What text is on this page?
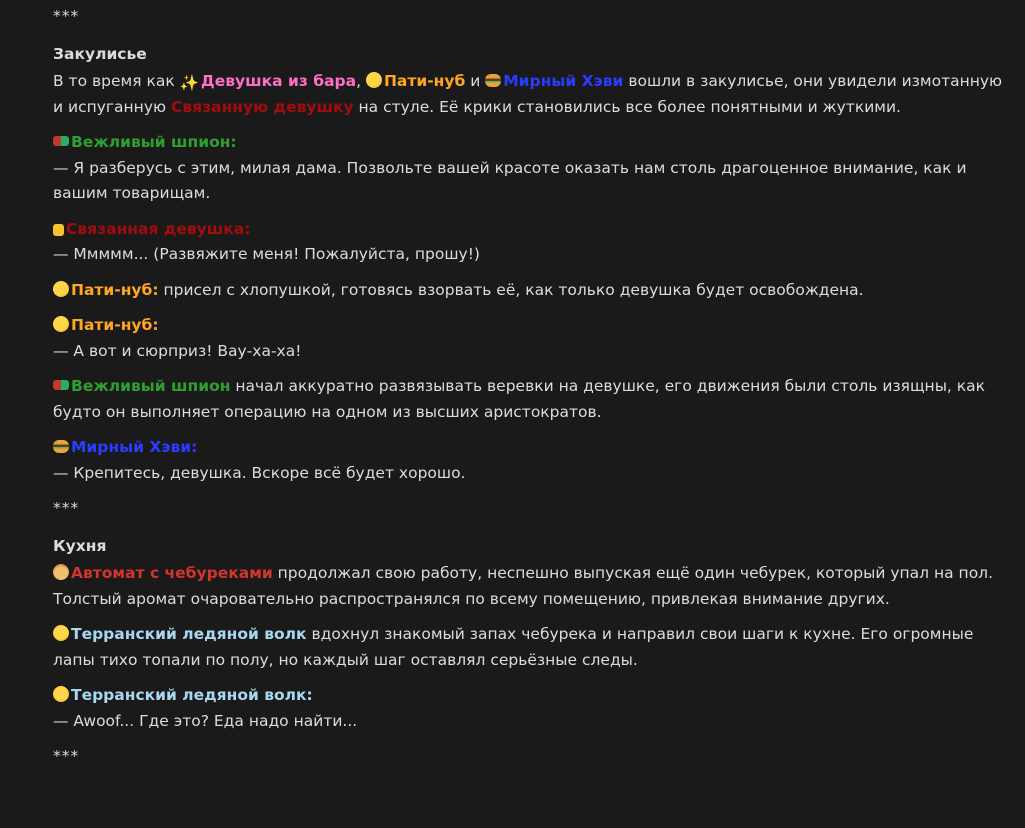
***
Закулисье
В то время как ✨ Девушка из бара, Пати-нуб и Мирный Хэви вошли в закулисье, они увидели измотанную и испуганную Связанную девушку на стуле. Её крики становились все более понятными и жуткими.
Вежливый шпион:
— Я разберусь с этим, милая дама. Позвольте вашей красоте оказать нам столь драгоценное внимание, как и вашим товарищам.
Связанная девушка:
— Ммммм... (Развяжите меня! Пожалуйста, прошу!)
Пати-нуб: присел с хлопушкой, готовясь взорвать её, как только девушка будет освобождена.
Пати-нуб:
— А вот и сюрприз! Вау-ха-ха!
Вежливый шпион начал аккуратно развязывать веревки на девушке, его движения были столь изящны, как будто он выполняет операцию на одном из высших аристократов.
Мирный Хэви:
— Крепитесь, девушка. Вскоре всё будет хорошо.
***
Кухня
Автомат с чебуреками продолжал свою работу, неспешно выпуская ещё один чебурек, который упал на пол. Толстый аромат очаровательно распространялся по всему помещению, привлекая внимание других.
Терранский ледяной волк вдохнул знакомый запах чебурека и направил свои шаги к кухне. Его огромные лапы тихо топали по полу, но каждый шаг оставлял серьёзные следы.
Терранский ледяной волк:
— Awoof... Где это? Еда надо найти...
***
